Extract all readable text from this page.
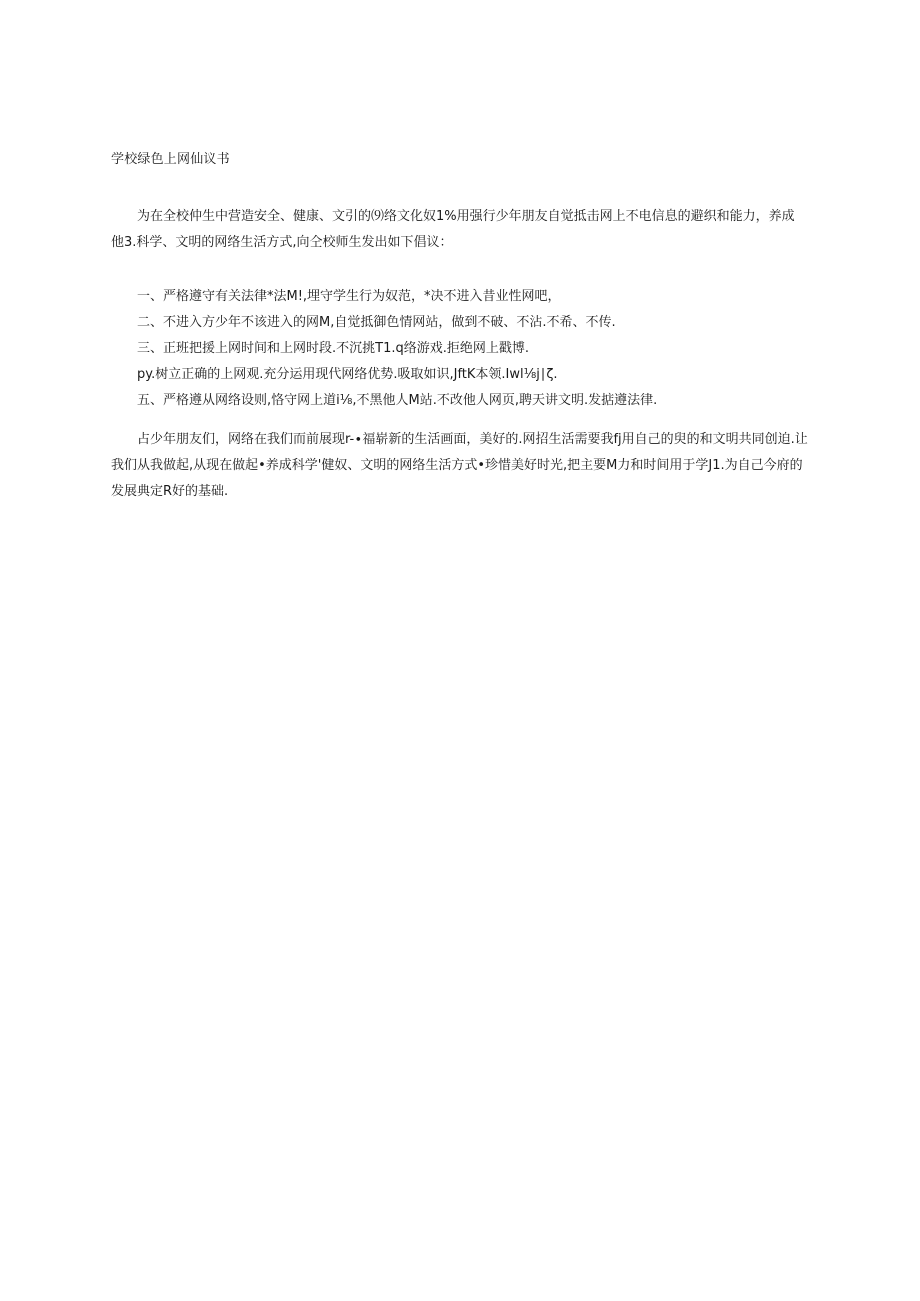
学校绿色上网仙议书
为在全校仲生中营造安全、健康、文引的⑼络文化奴1%用强行少年朋友自觉抵击网上不电信息的避织和能力，养成
他3.科学、文明的网络生活方式,向仝校师生发出如下倡议：
一、严格遵守有关法律*法M!,埋守学生行为奴范，*决不进入昔业性网吧，
二、不进入方少年不该进入的网M,自觉抵御色情网站，做到不破、不沾.不希、不传.
三、正班把援上网时间和上网时段.不沉挑T1.q络游戏.拒绝网上戳博.
py.树立正确的上网观.充分运用现代网络优势.吸取如识,JftK本领.Iwl⅛j∣ζ.
五、严格遵从网络设则,恪守网上道i⅛,不黑他人M站.不改他人网页,聘天讲文明.发掂遵法律.
占少年朋友们，网络在我们而前展现r-∙福崭新的生活画面，美好的.网招生活需要我fj用自己的臾的和文明共同创迫.让
我们从我做起,从现在做起•养成科学'健奴、文明的网络生活方式•珍惜美好时光,把主要M力和时间用于学J1.为自己今府的
发展典定R好的基础.
